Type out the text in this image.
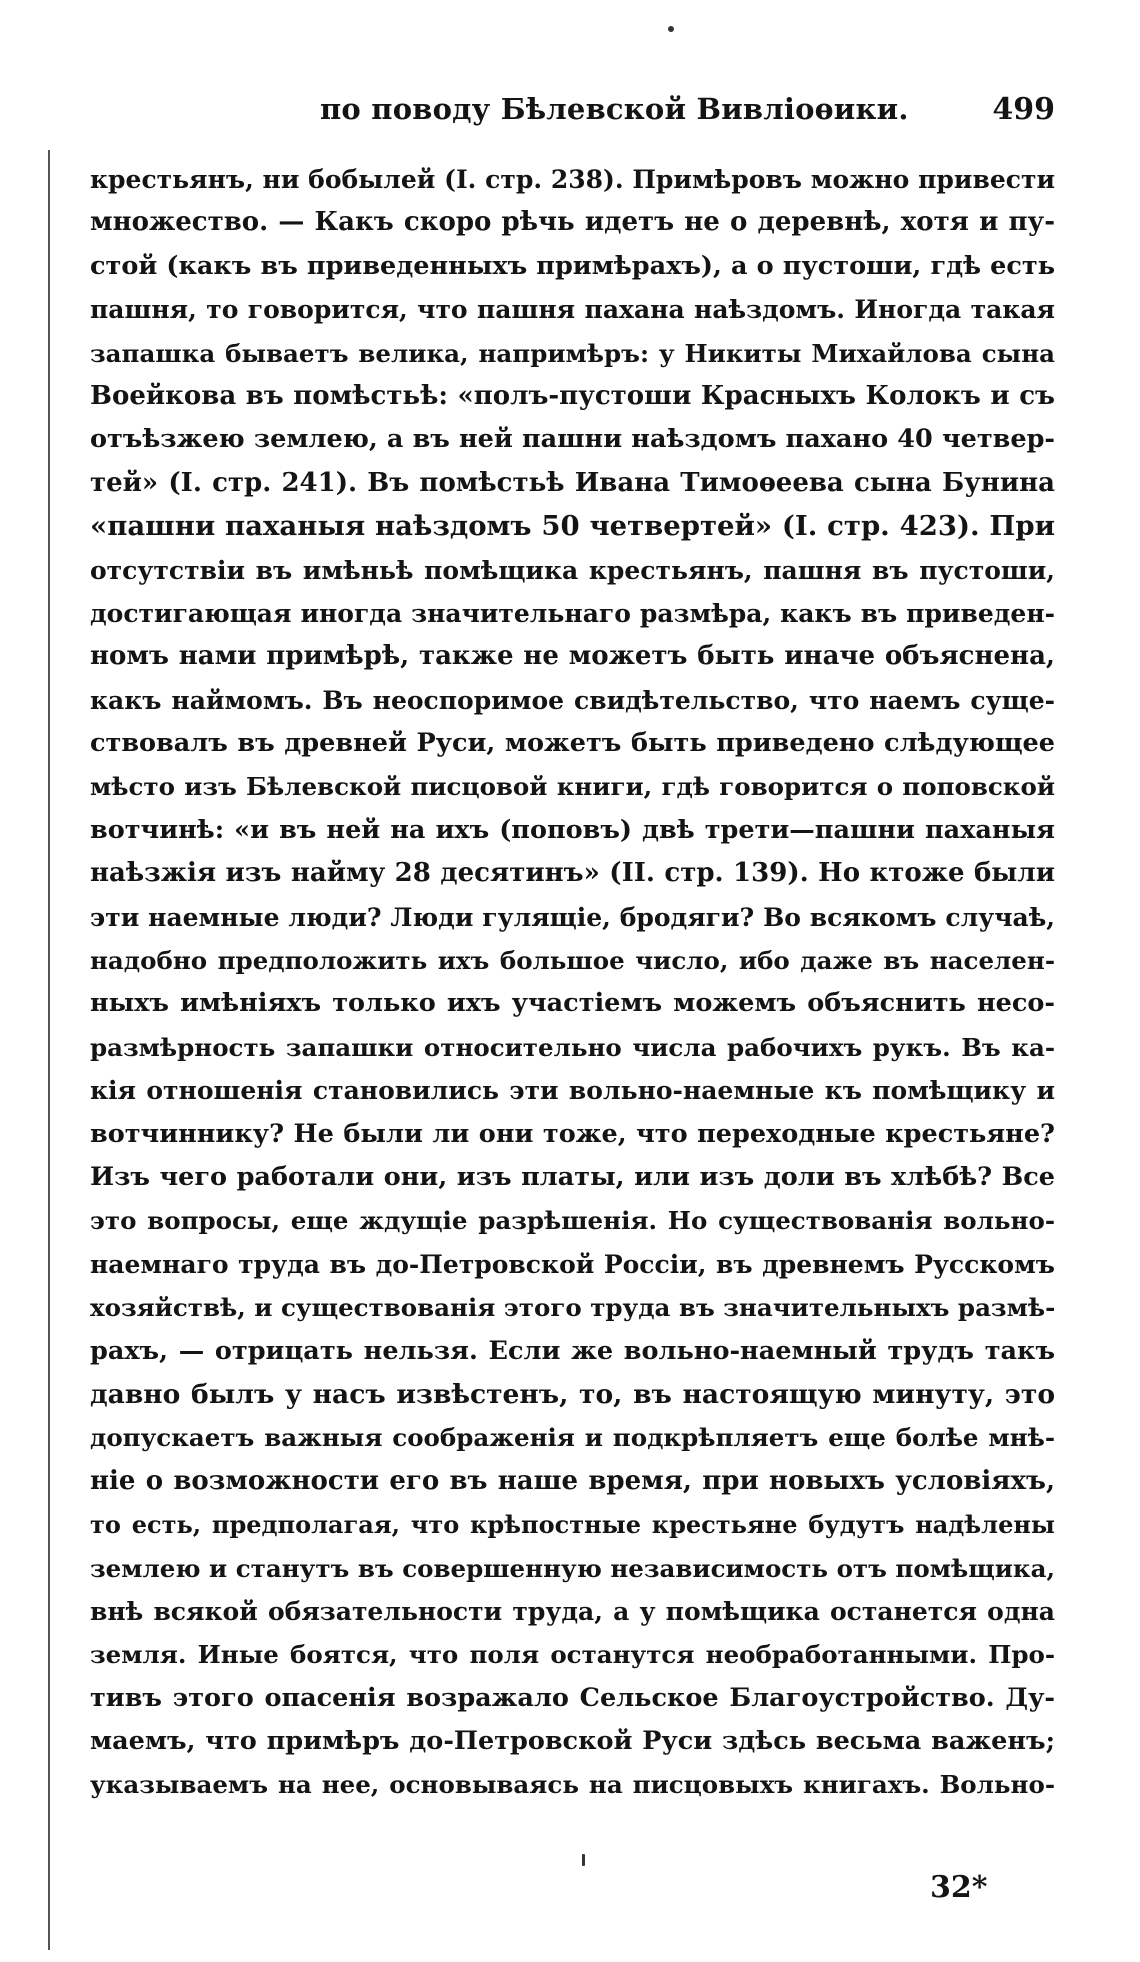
по поводу Бѣлевской Вивліоѳики.	499
крестьянъ, ни бобылей (I. стр. 238). Примѣровъ можно привести
множество. — Какъ скоро рѣчь идетъ не о деревнѣ, хотя и пу-
стой (какъ въ приведенныхъ примѣрахъ), а о пустоши, гдѣ есть
пашня, то говорится, что пашня пахана наѣздомъ. Иногда такая
запашка бываетъ велика, напримѣръ: у Никиты Михайлова сына
Воейкова въ помѣстьѣ: «полъ-пустоши Красныхъ Колокъ и съ
отъѣзжею землею, а въ ней пашни наѣздомъ пахано 40 четвер-
тей» (I. стр. 241). Въ помѣстьѣ Ивана Тимоѳеева сына Бунина
«пашни паханыя наѣздомъ 50 четвертей» (I. стр. 423). При
отсутствіи въ имѣньѣ помѣщика крестьянъ, пашня въ пустоши,
достигающая иногда значительнаго размѣра, какъ въ приведен-
номъ нами примѣрѣ, также не можетъ быть иначе объяснена,
какъ наймомъ. Въ неоспоримое свидѣтельство, что наемъ суще-
ствовалъ въ древней Руси, можетъ быть приведено слѣдующее
мѣсто изъ Бѣлевской писцовой книги, гдѣ говорится о поповской
вотчинѣ: «и въ ней на ихъ (поповъ) двѣ трети—пашни паханыя
наѣзжія изъ найму 28 десятинъ» (II. стр. 139). Но ктоже были
эти наемные люди? Люди гулящіе, бродяги? Во всякомъ случаѣ,
надобно предположить ихъ большое число, ибо даже въ населен-
ныхъ имѣніяхъ только ихъ участіемъ можемъ объяснить несо-
размѣрность запашки относительно числа рабочихъ рукъ. Въ ка-
кія отношенія становились эти вольно-наемные къ помѣщику и
вотчиннику? Не были ли они тоже, что переходные крестьяне?
Изъ чего работали они, изъ платы, или изъ доли въ хлѣбѣ? Все
это вопросы, еще ждущіе разрѣшенія. Но существованія вольно-
наемнаго труда въ до-Петровской Россіи, въ древнемъ Русскомъ
хозяйствѣ, и существованія этого труда въ значительныхъ размѣ-
рахъ, — отрицать нельзя. Если же вольно-наемный трудъ такъ
давно былъ у насъ извѣстенъ, то, въ настоящую минуту, это
допускаетъ важныя соображенія и подкрѣпляетъ еще болѣе мнѣ-
ніе о возможности его въ наше время, при новыхъ условіяхъ,
то есть, предполагая, что крѣпостные крестьяне будутъ надѣлены
землею и станутъ въ совершенную независимость отъ помѣщика,
внѣ всякой обязательности труда, а у помѣщика останется одна
земля. Иные боятся, что поля останутся необработанными. Про-
тивъ этого опасенія возражало Сельское Благоустройство. Ду-
маемъ, что примѣръ до-Петровской Руси здѣсь весьма важенъ;
указываемъ на нее, основываясь на писцовыхъ книгахъ. Вольно-
32*
